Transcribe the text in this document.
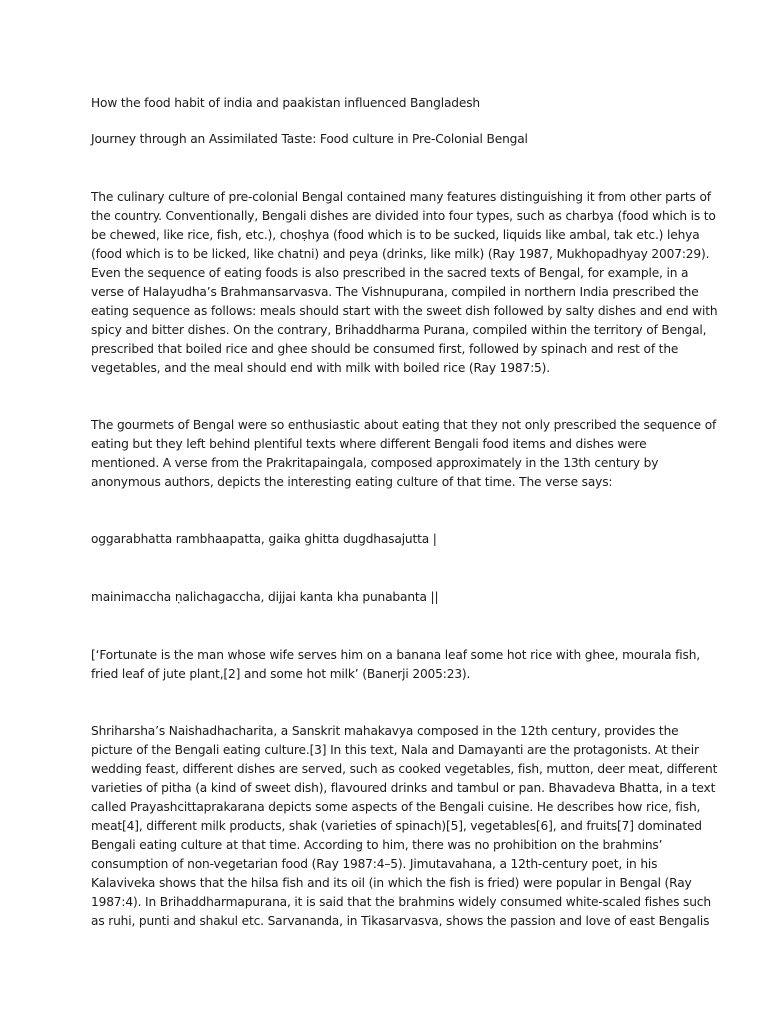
How the food habit of india and paakistan influenced Bangladesh

Journey through an Assimilated Taste: Food culture in Pre-Colonial Bengal

The culinary culture of pre-colonial Bengal contained many features distinguishing it from other parts of

the country. Conventionally, Bengali dishes are divided into four types, such as charbya (food which is to

be chewed, like rice, fish, etc.), choṣhya (food which is to be sucked, liquids like ambal, tak etc.) lehya

(food which is to be licked, like chatni) and peya (drinks, like milk) (Ray 1987, Mukhopadhyay 2007:29).

Even the sequence of eating foods is also prescribed in the sacred texts of Bengal, for example, in a

verse of Halayudha’s Brahmansarvasva. The Vishnupurana, compiled in northern India prescribed the

eating sequence as follows: meals should start with the sweet dish followed by salty dishes and end with

spicy and bitter dishes. On the contrary, Brihaddharma Purana, compiled within the territory of Bengal,

prescribed that boiled rice and ghee should be consumed first, followed by spinach and rest of the

vegetables, and the meal should end with milk with boiled rice (Ray 1987:5).

The gourmets of Bengal were so enthusiastic about eating that they not only prescribed the sequence of

eating but they left behind plentiful texts where different Bengali food items and dishes were

mentioned. A verse from the Prakritapaingala, composed approximately in the 13th century by

anonymous authors, depicts the interesting eating culture of that time. The verse says:

oggarabhatta rambhaapatta, gaika ghitta dugdhasajutta |

mainimaccha ṇalichagaccha, dijjai kanta kha punabanta ||

[‘Fortunate is the man whose wife serves him on a banana leaf some hot rice with ghee, mourala fish,

fried leaf of jute plant,[2] and some hot milk’ (Banerji 2005:23).

Shriharsha’s Naishadhacharita, a Sanskrit mahakavya composed in the 12th century, provides the

picture of the Bengali eating culture.[3] In this text, Nala and Damayanti are the protagonists. At their

wedding feast, different dishes are served, such as cooked vegetables, fish, mutton, deer meat, different

varieties of pitha (a kind of sweet dish), flavoured drinks and tambul or pan. Bhavadeva Bhatta, in a text

called Prayashcittaprakarana depicts some aspects of the Bengali cuisine. He describes how rice, fish,

meat[4], different milk products, shak (varieties of spinach)[5], vegetables[6], and fruits[7] dominated

Bengali eating culture at that time. According to him, there was no prohibition on the brahmins’

consumption of non-vegetarian food (Ray 1987:4–5). Jimutavahana, a 12th-century poet, in his

Kalaviveka shows that the hilsa fish and its oil (in which the fish is fried) were popular in Bengal (Ray

1987:4). In Brihaddharmapurana, it is said that the brahmins widely consumed white-scaled fishes such

as ruhi, punti and shakul etc. Sarvananda, in Tikasarvasva, shows the passion and love of east Bengalis
